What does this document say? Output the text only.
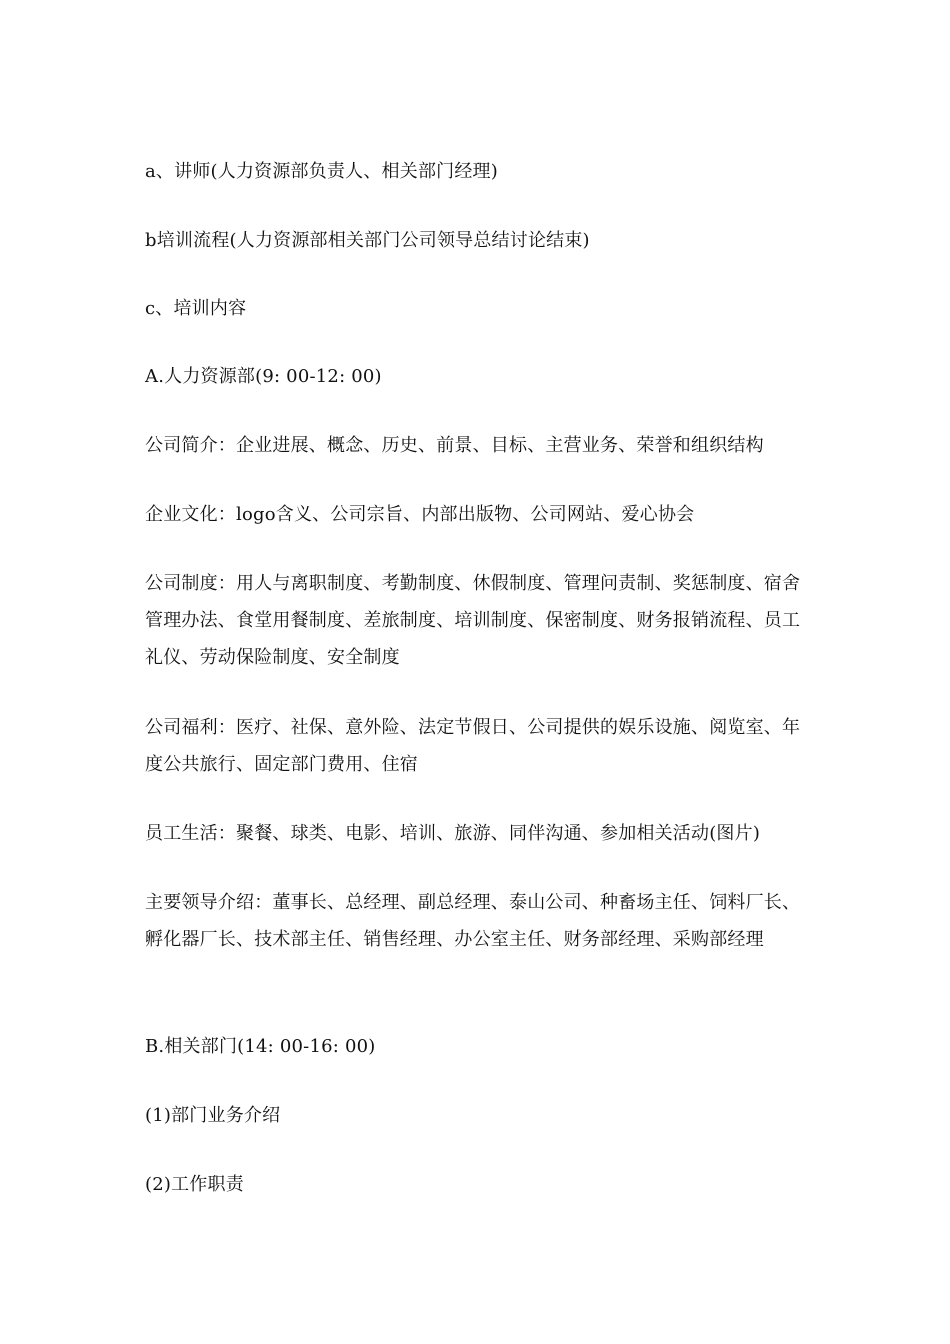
a、讲师(人力资源部负责人、相关部门经理)

b培训流程(人力资源部相关部门公司领导总结讨论结束)

c、培训内容

A.人力资源部(9: 00-12: 00)

公司简介：企业进展、概念、历史、前景、目标、主营业务、荣誉和组织结构

企业文化：logo含义、公司宗旨、内部出版物、公司网站、爱心协会

公司制度：用人与离职制度、考勤制度、休假制度、管理问责制、奖惩制度、宿舍管理办法、食堂用餐制度、差旅制度、培训制度、保密制度、财务报销流程、员工礼仪、劳动保险制度、安全制度

公司福利：医疗、社保、意外险、法定节假日、公司提供的娱乐设施、阅览室、年度公共旅行、固定部门费用、住宿

员工生活：聚餐、球类、电影、培训、旅游、同伴沟通、参加相关活动(图片)

主要领导介绍：董事长、总经理、副总经理、泰山公司、种畜场主任、饲料厂长、孵化器厂长、技术部主任、销售经理、办公室主任、财务部经理、采购部经理

B.相关部门(14: 00-16: 00)

(1)部门业务介绍

(2)工作职责
